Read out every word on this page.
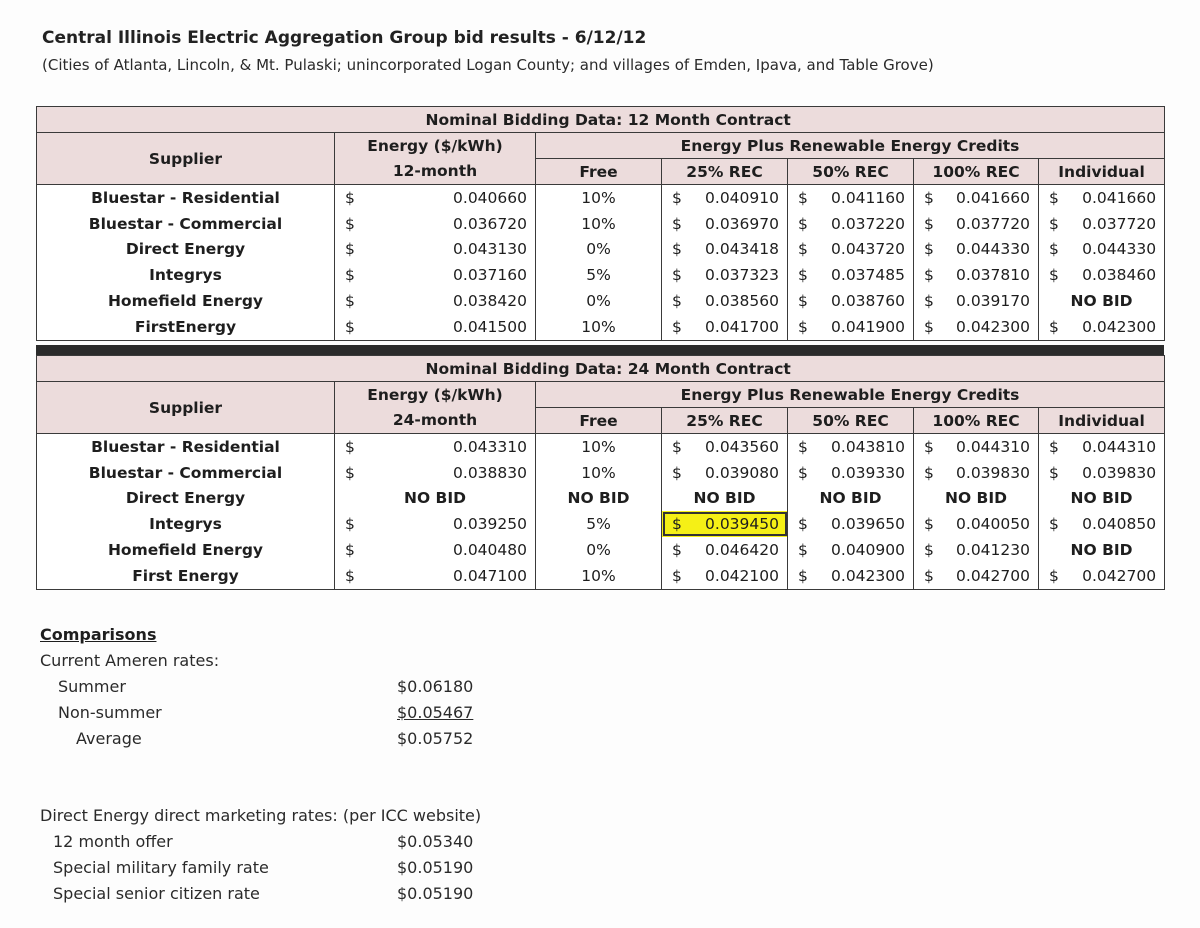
Central Illinois Electric Aggregation Group bid results - 6/12/12
(Cities of Atlanta, Lincoln, & Mt. Pulaski; unincorporated Logan County; and villages of Emden, Ipava, and Table Grove)
	Nominal Bidding Data: 12 Month Contract					
Supplier	Energy ($/kWh)	Energy Plus Renewable Energy Credits				
	12-month	Free	25% REC	50% REC	100% REC	Individual
Bluestar - Residential	$ 0.040660	10%	$ 0.040910	$ 0.041160	$ 0.041660	$ 0.041660

Bluestar - Commercial	$ 0.036720	10%	$ 0.036970	$ 0.037220	$ 0.037720	$ 0.037720

Direct Energy	$ 0.043130	0%	$ 0.043418	$ 0.043720	$ 0.044330	$ 0.044330

Integrys	$ 0.037160	5%	$ 0.037323	$ 0.037485	$ 0.037810	$ 0.038460

Homefield Energy	$ 0.038420	0%	$ 0.038560	$ 0.038760	$ 0.039170	NO BID
FirstEnergy	$ 0.041500	10%	$ 0.041700	$ 0.041900	$ 0.042300	$ 0.042300
	Nominal Bidding Data: 24 Month Contract					
Supplier	Energy ($/kWh)	Energy Plus Renewable Energy Credits				
	24-month	Free	25% REC	50% REC	100% REC	Individual
Bluestar - Residential	$ 0.043310	10%	$ 0.043560	$ 0.043810	$ 0.044310	$ 0.044310

Bluestar - Commercial	$ 0.038830	10%	$ 0.039080	$ 0.039330	$ 0.039830	$ 0.039830

Direct Energy	NO BID	NO BID	NO BID	NO BID	NO BID	NO BID
Integrys	$ 0.039250	5%	$ 0.039450	$ 0.039650	$ 0.040050	$ 0.040850

Homefield Energy	$ 0.040480	0%	$ 0.046420	$ 0.040900	$ 0.041230	NO BID
First Energy	$ 0.047100	10%	$ 0.042100	$ 0.042300	$ 0.042700	$ 0.042700
Comparisons
Current Ameren rates:
Summer	$0.06180
Non-summer	$0.05467
Average	$0.05752
Direct Energy direct marketing rates: (per ICC website)
12 month offer	$0.05340
Special military family rate	$0.05190
Special senior citizen rate	$0.05190
